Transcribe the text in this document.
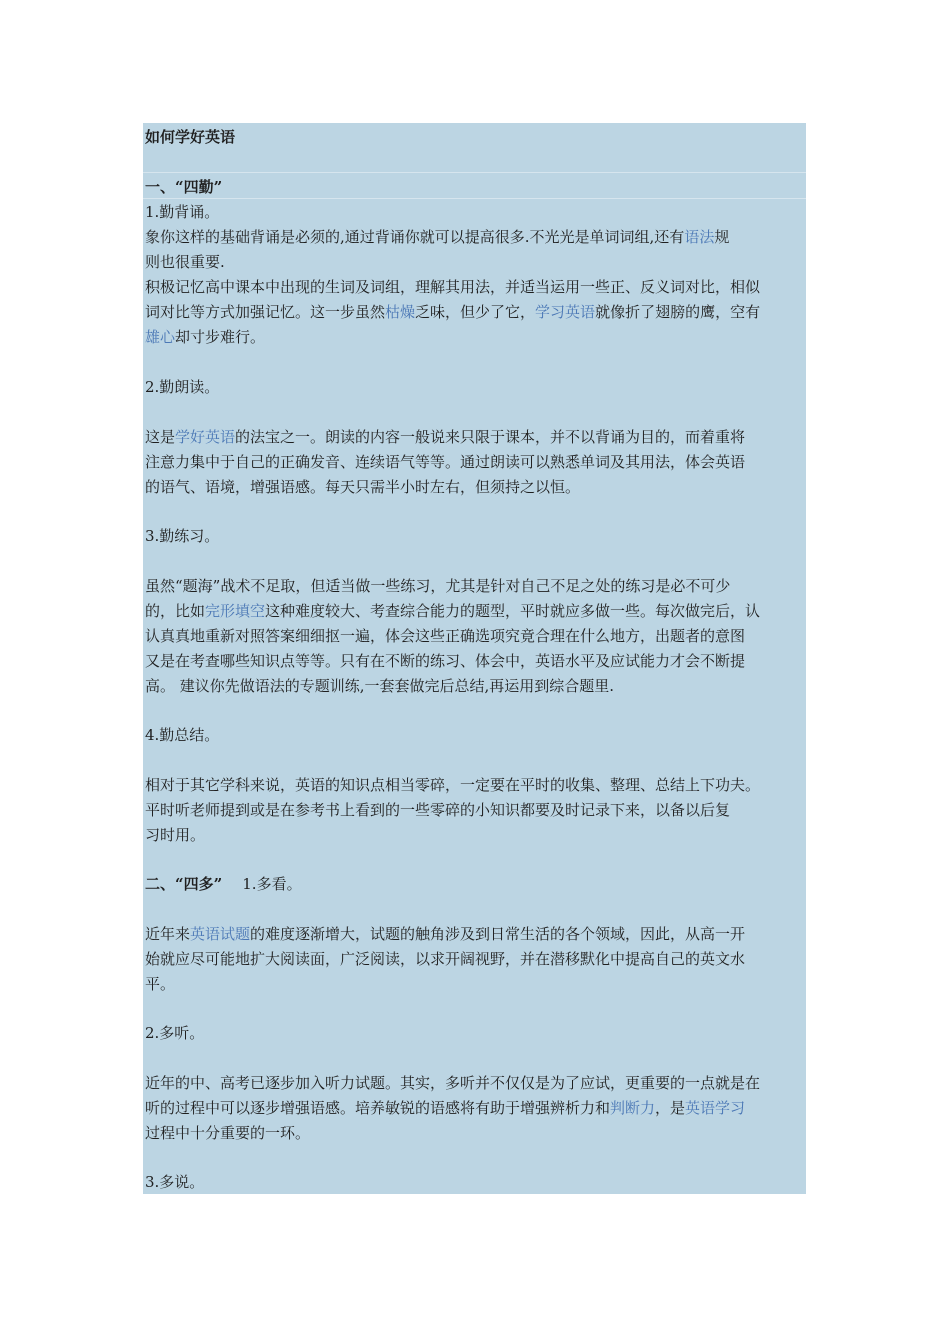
如何学好英语
一、“四勤”
1.勤背诵。
象你这样的基础背诵是必须的,通过背诵你就可以提高很多.不光光是单词词组,还有语法规
则也很重要.
积极记忆高中课本中出现的生词及词组，理解其用法，并适当运用一些正、反义词对比，相似
词对比等方式加强记忆。这一步虽然枯燥乏味，但少了它，学习英语就像折了翅膀的鹰，空有
雄心却寸步难行。
2.勤朗读。
这是学好英语的法宝之一。朗读的内容一般说来只限于课本，并不以背诵为目的，而着重将
注意力集中于自己的正确发音、连续语气等等。通过朗读可以熟悉单词及其用法，体会英语
的语气、语境，增强语感。每天只需半小时左右，但须持之以恒。
3.勤练习。
虽然“题海”战术不足取，但适当做一些练习，尤其是针对自己不足之处的练习是必不可少
的，比如完形填空这种难度较大、考查综合能力的题型，平时就应多做一些。每次做完后，认
认真真地重新对照答案细细抠一遍，体会这些正确选项究竟合理在什么地方，出题者的意图
又是在考查哪些知识点等等。只有在不断的练习、体会中，英语水平及应试能力才会不断提
高。 建议你先做语法的专题训练,一套套做完后总结,再运用到综合题里.
4.勤总结。
相对于其它学科来说，英语的知识点相当零碎，一定要在平时的收集、整理、总结上下功夫。
平时听老师提到或是在参考书上看到的一些零碎的小知识都要及时记录下来，以备以后复
习时用。
二、“四多” 1.多看。
近年来英语试题的难度逐渐增大，试题的触角涉及到日常生活的各个领域，因此，从高一开
始就应尽可能地扩大阅读面，广泛阅读，以求开阔视野，并在潜移默化中提高自己的英文水
平。
2.多听。
近年的中、高考已逐步加入听力试题。其实，多听并不仅仅是为了应试，更重要的一点就是在
听的过程中可以逐步增强语感。培养敏锐的语感将有助于增强辨析力和判断力，是英语学习
过程中十分重要的一环。
3.多说。
